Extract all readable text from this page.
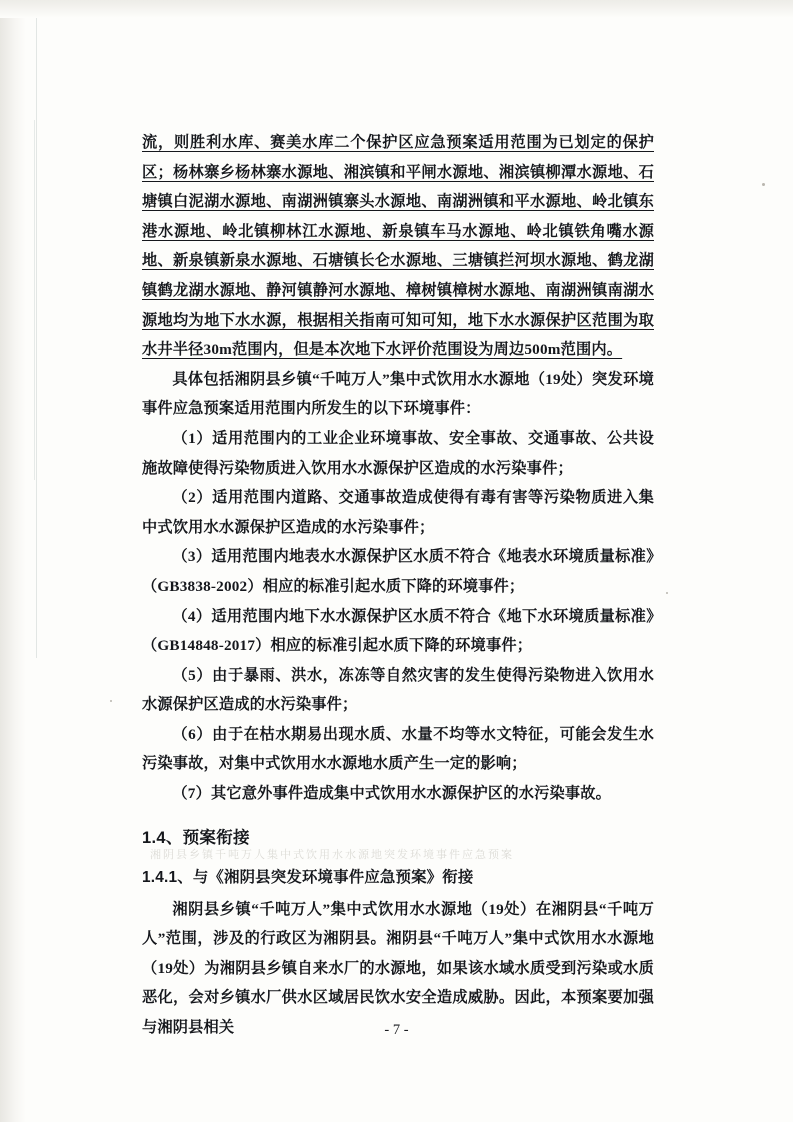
湘阴县乡镇千吨万人集中式饮用水水源地突发环境事件应急预案

流，则胜利水库、赛美水库二个保护区应急预案适用范围为已划定的保护区；杨林寨乡杨林寨水源地、湘滨镇和平闸水源地、湘滨镇柳潭水源地、石塘镇白泥湖水源地、南湖洲镇寨头水源地、南湖洲镇和平水源地、岭北镇东港水源地、岭北镇柳林江水源地、新泉镇车马水源地、岭北镇铁角嘴水源地、新泉镇新泉水源地、石塘镇长仑水源地、三塘镇拦河坝水源地、鹤龙湖镇鹤龙湖水源地、静河镇静河水源地、樟树镇樟树水源地、南湖洲镇南湖水源地均为地下水水源，根据相关指南可知可知，地下水水源保护区范围为取水井半径30m范围内，但是本次地下水评价范围设为周边500m范围内。

具体包括湘阴县乡镇“千吨万人”集中式饮用水水源地（19处）突发环境事件应急预案适用范围内所发生的以下环境事件：

（1）适用范围内的工业企业环境事故、安全事故、交通事故、公共设施故障使得污染物质进入饮用水水源保护区造成的水污染事件；

（2）适用范围内道路、交通事故造成使得有毒有害等污染物质进入集中式饮用水水源保护区造成的水污染事件；

（3）适用范围内地表水水源保护区水质不符合《地表水环境质量标准》（GB3838-2002）相应的标准引起水质下降的环境事件；

（4）适用范围内地下水水源保护区水质不符合《地下水环境质量标准》（GB14848-2017）相应的标准引起水质下降的环境事件；

（5）由于暴雨、洪水，冻冻等自然灾害的发生使得污染物进入饮用水水源保护区造成的水污染事件；

（6）由于在枯水期易出现水质、水量不均等水文特征，可能会发生水污染事故，对集中式饮用水水源地水质产生一定的影响；

（7）其它意外事件造成集中式饮用水水源保护区的水污染事故。

1.4、预案衔接
1.4.1、与《湘阴县突发环境事件应急预案》衔接

湘阴县乡镇“千吨万人”集中式饮用水水源地（19处）在湘阴县“千吨万人”范围，涉及的行政区为湘阴县。湘阴县“千吨万人”集中式饮用水水源地（19处）为湘阴县乡镇自来水厂的水源地，如果该水域水质受到污染或水质恶化，会对乡镇水厂供水区域居民饮水安全造成威胁。因此，本预案要加强与湘阴县相关	- 7 -
